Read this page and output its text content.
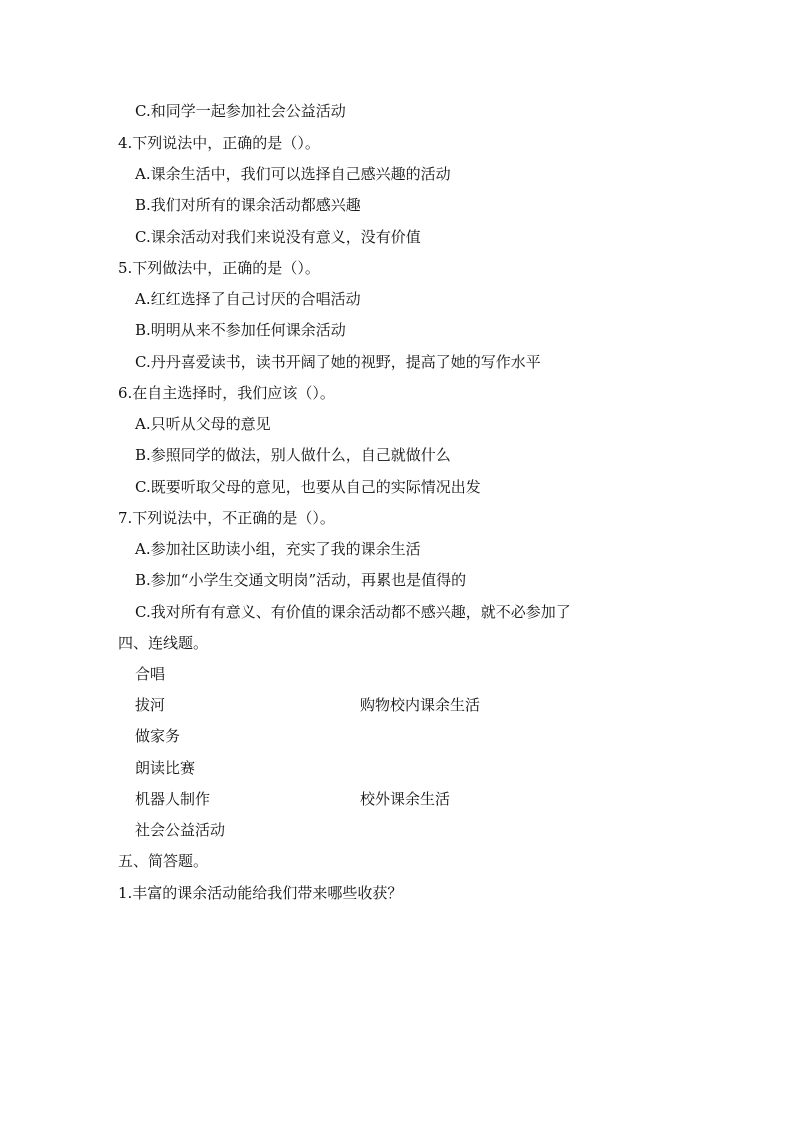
C.和同学一起参加社会公益活动
4.下列说法中，正确的是（）。
A.课余生活中，我们可以选择自己感兴趣的活动
B.我们对所有的课余活动都感兴趣
C.课余活动对我们来说没有意义，没有价值
5.下列做法中，正确的是（）。
A.红红选择了自己讨厌的合唱活动
B.明明从来不参加任何课余活动
C.丹丹喜爱读书，读书开阔了她的视野，提高了她的写作水平
6.在自主选择时，我们应该（）。
A.只听从父母的意见
B.参照同学的做法，别人做什么，自己就做什么
C.既要听取父母的意见，也要从自己的实际情况出发
7.下列说法中，不正确的是（）。
A.参加社区助读小组，充实了我的课余生活
B.参加“小学生交通文明岗”活动，再累也是值得的
C.我对所有有意义、有价值的课余活动都不感兴趣，就不必参加了
四、连线题。
合唱
拔河	购物校内课余生活
做家务
朗读比赛
机器人制作	校外课余生活
社会公益活动
五、简答题。
1.丰富的课余活动能给我们带来哪些收获？
